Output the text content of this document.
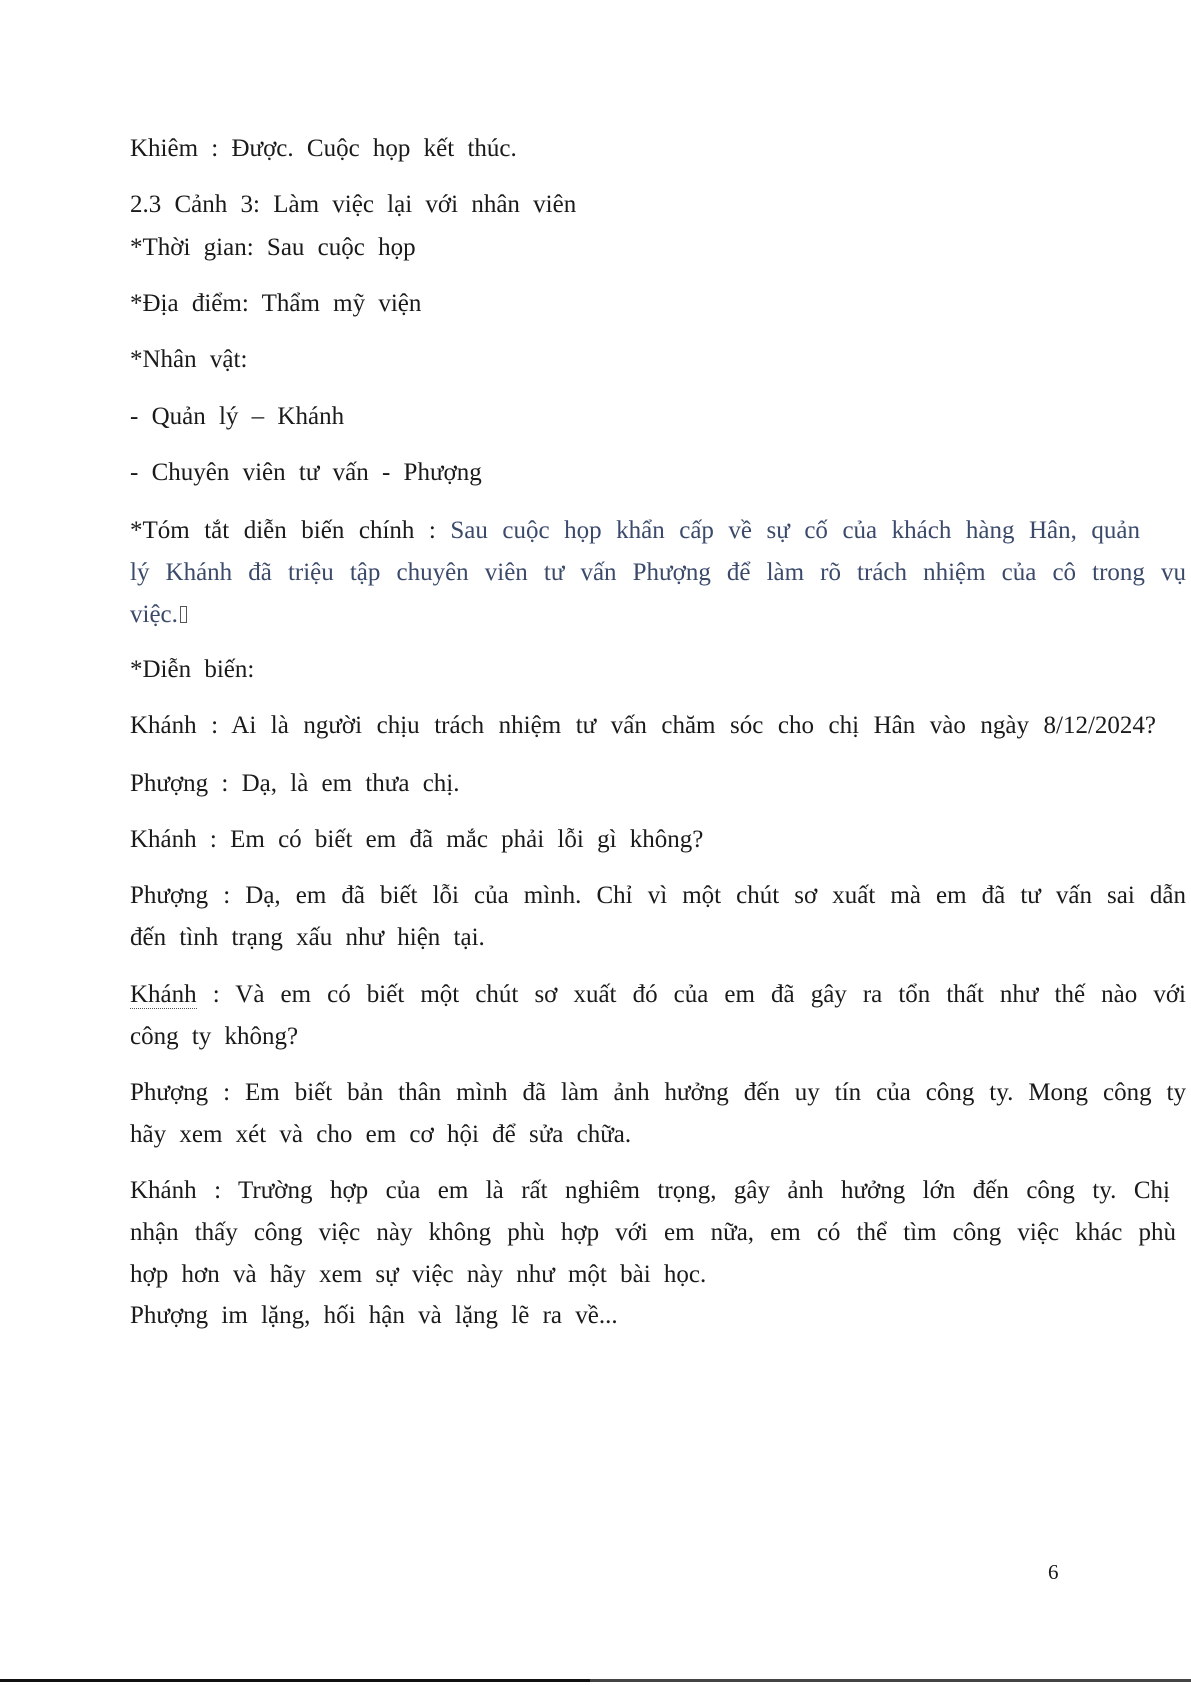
Khiêm : Được. Cuộc họp kết thúc.
2.3 Cảnh 3: Làm việc lại với nhân viên
*Thời gian: Sau cuộc họp
*Địa điểm: Thẩm mỹ viện
*Nhân vật:
- Quản lý – Khánh
- Chuyên viên tư vấn - Phượng
*Tóm tắt diễn biến chính : Sau cuộc họp khẩn cấp về sự cố của khách hàng Hân, quản
lý Khánh đã triệu tập chuyên viên tư vấn Phượng để làm rõ trách nhiệm của cô trong vụ
việc.
*Diễn biến:
Khánh : Ai là người chịu trách nhiệm tư vấn chăm sóc cho chị Hân vào ngày 8/12/2024?
Phượng : Dạ, là em thưa chị.
Khánh : Em có biết em đã mắc phải lỗi gì không?
Phượng : Dạ, em đã biết lỗi của mình. Chỉ vì một chút sơ xuất mà em đã tư vấn sai dẫn
đến tình trạng xấu như hiện tại.
Khánh : Và em có biết một chút sơ xuất đó của em đã gây ra tổn thất như thế nào với
công ty không?
Phượng : Em biết bản thân mình đã làm ảnh hưởng đến uy tín của công ty. Mong công ty
hãy xem xét và cho em cơ hội để sửa chữa.
Khánh : Trường hợp của em là rất nghiêm trọng, gây ảnh hưởng lớn đến công ty. Chị
nhận thấy công việc này không phù hợp với em nữa, em có thể tìm công việc khác phù
hợp hơn và hãy xem sự việc này như một bài học.
Phượng im lặng, hối hận và lặng lẽ ra về...
6
